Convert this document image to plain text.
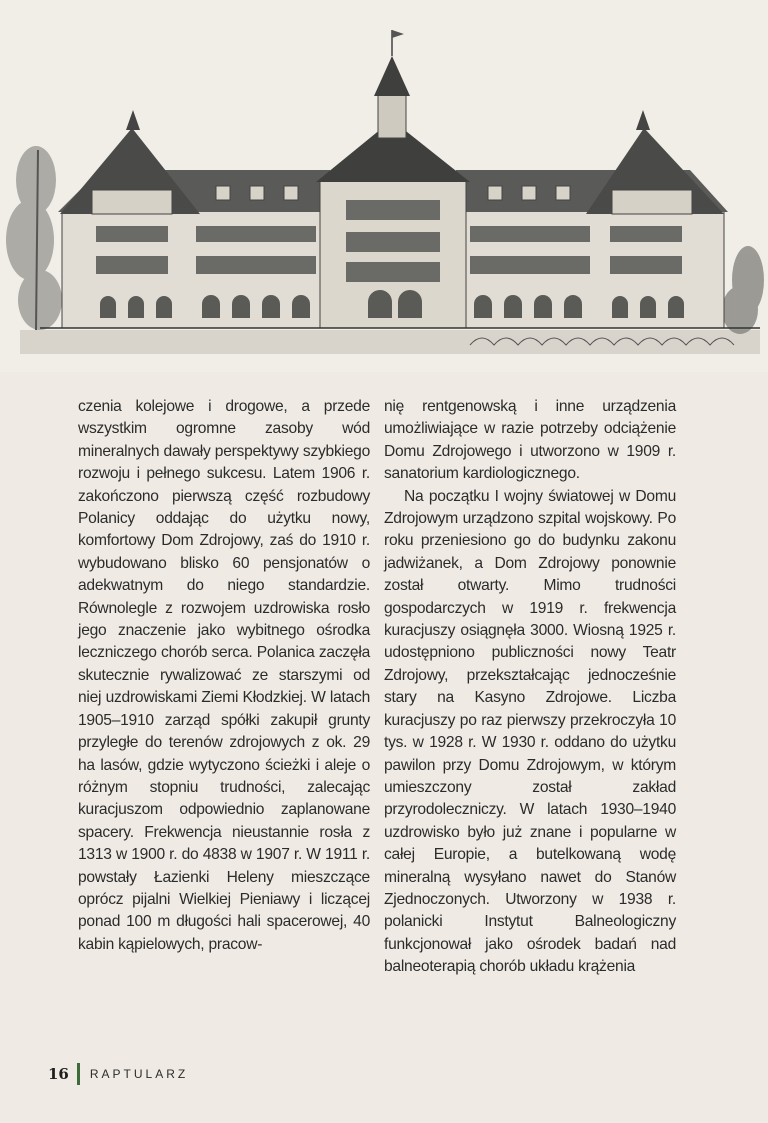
czenia kolejowe i drogowe, a przede wszystkim ogromne zasoby wód mineralnych dawały perspektywy szybkiego rozwoju i pełnego sukcesu. Latem 1906 r. zakończono pierwszą część rozbudowy Polanicy oddając do użytku nowy, komfortowy Dom Zdrojowy, zaś do 1910 r. wybudowano blisko 60 pensjonatów o adekwatnym do niego standardzie. Równolegle z rozwojem uzdrowiska rosło jego znaczenie jako wybitnego ośrodka leczniczego chorób serca. Polanica zaczęła skutecznie rywalizować ze starszymi od niej uzdrowiskami Ziemi Kłodzkiej. W latach 1905–1910 zarząd spółki zakupił grunty przyległe do terenów zdrojowych z ok. 29 ha lasów, gdzie wytyczono ścieżki i aleje o różnym stopniu trudności, zalecając kuracjuszom odpowiednio zaplanowane spacery. Frekwencja nieustannie rosła z 1313 w 1900 r. do 4838 w 1907 r. W 1911 r. powstały Łazienki Heleny mieszczące oprócz pijalni Wielkiej Pieniawy i liczącej ponad 100 m długości hali spacerowej, 40 kabin kąpielowych, pracow-

nię rentgenowską i inne urządzenia umożliwiające w razie potrzeby odciążenie Domu Zdrojowego i utworzono w 1909 r. sanatorium kardiologicznego.

Na początku I wojny światowej w Domu Zdrojowym urządzono szpital wojskowy. Po roku przeniesiono go do budynku zakonu jadwiżanek, a Dom Zdrojowy ponownie został otwarty. Mimo trudności gospodarczych w 1919 r. frekwencja kuracjuszy osiągnęła 3000. Wiosną 1925 r. udostępniono publiczności nowy Teatr Zdrojowy, przekształcając jednocześnie stary na Kasyno Zdrojowe. Liczba kuracjuszy po raz pierwszy przekroczyła 10 tys. w 1928 r. W 1930 r. oddano do użytku pawilon przy Domu Zdrojowym, w którym umieszczony został zakład przyrodoleczniczy. W latach 1930–1940 uzdrowisko było już znane i popularne w całej Europie, a butelkowaną wodę mineralną wysyłano nawet do Stanów Zjednoczonych. Utworzony w 1938 r. polanicki Instytut Balneologiczny funkcjonował jako ośrodek badań nad balneoterapią chorób układu krążenia

16 RAPTULARZ
